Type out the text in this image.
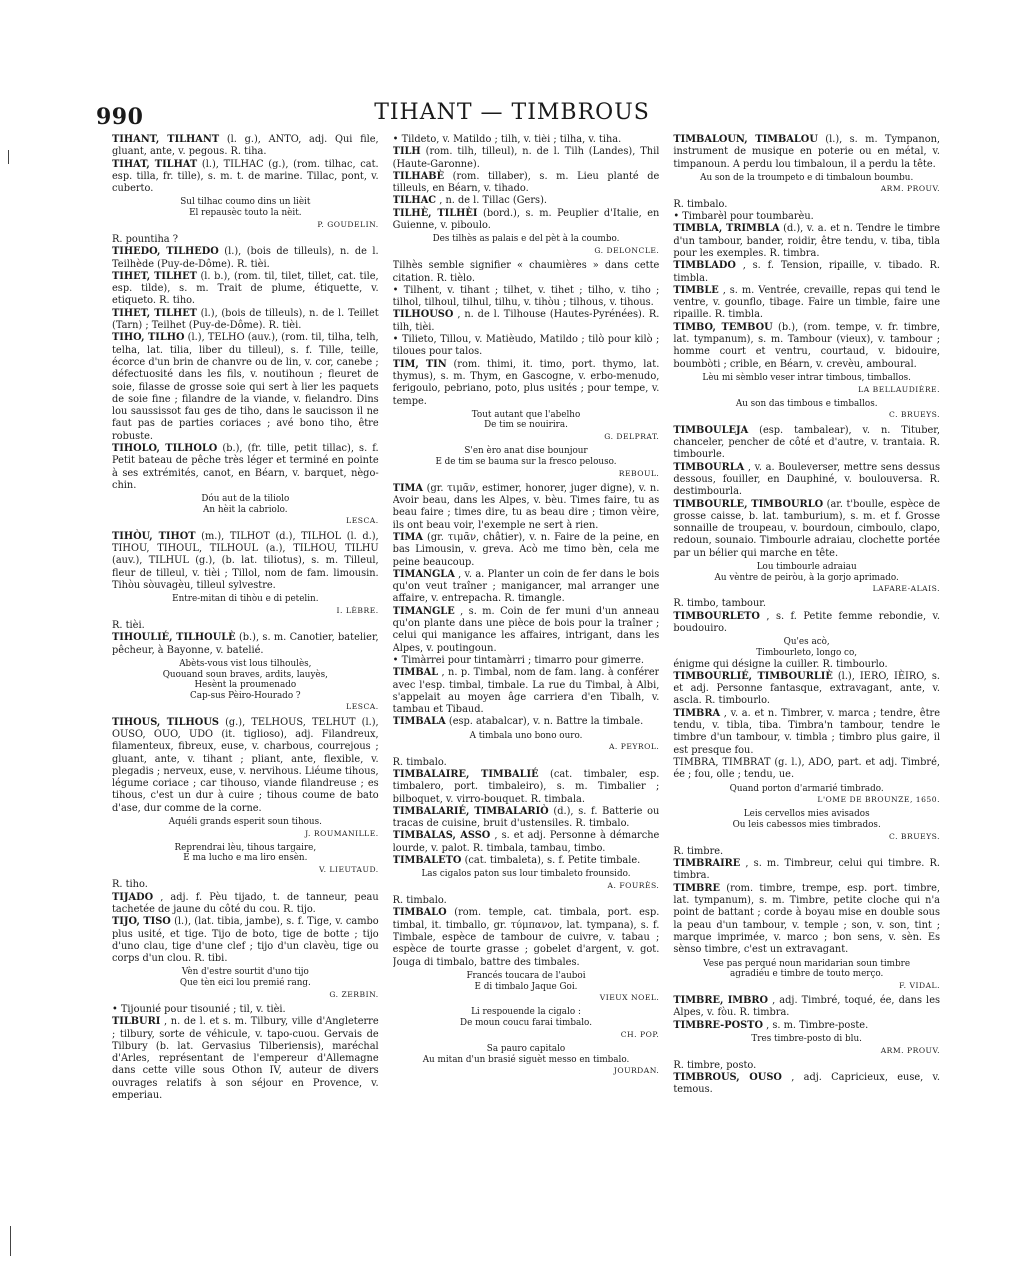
990	TIHANT — TIMBROUS

TIHANT, TILHANT (l. g.), ANTO, adj. Qui file, gluant, ante, v. pegous. R. tiha.

TIHAT, TILHAT (l.), TILHAC (g.), (rom. tilhac, cat. esp. tilla, fr. tille), s. m. t. de marine. Tillac, pont, v. cuberto.

Sul tilhac coumo dins un lièit
El repausèc touto la nèit.
P. GOUDELIN.

R. pountiha ?

TIHEDO, TILHEDO (l.), (bois de tilleuls), n. de l. Teilhède (Puy-de-Dôme). R. tièi.

TIHET, TILHET (l. b.), (rom. til, tilet, tillet, cat. tile, esp. tilde), s. m. Trait de plume, étiquette, v. etiqueto. R. tiho.

TIHET, TILHET (l.), (bois de tilleuls), n. de l. Teillet (Tarn) ; Teilhet (Puy-de-Dôme). R. tièi.

TIHO, TILHO (l.), TELHO (auv.), (rom. til, tilha, telh, telha, lat. tilia, liber du tilleul), s. f. Tille, teille, écorce d'un brin de chanvre ou de lin, v. cor, canebe ; défectuosité dans les fils, v. noutihoun ; fleuret de soie, filasse de grosse soie qui sert à lier les paquets de soie fine ; filandre de la viande, v. fielandro. Dins lou saussissot fau ges de tiho, dans le saucisson il ne faut pas de parties coriaces ; avé bono tiho, être robuste.

TIHOLO, TILHOLO (b.), (fr. tille, petit tillac), s. f. Petit bateau de pêche très léger et terminé en pointe à ses extrémités, canot, en Béarn, v. barquet, nègo-chin.

Dóu aut de la tiliolo
An hèit la cabriolo.
LESCA.

TIHÒU, TIHOT (m.), TILHOT (d.), TILHOL (l. d.), TIHOU, TIHOUL, TILHOUL (a.), TILHOU, TILHU (auv.), TILHUL (g.), (b. lat. tiliotus), s. m. Tilleul, fleur de tilleul, v. tièi ; Tillol, nom de fam. limousin. Tihòu sòuvagèu, tilleul sylvestre.

Entre-mitan di tihòu e di petelin.
I. LÈBRE.

R. tièi.

TIHOULIÉ, TILHOULÈ (b.), s. m. Canotier, batelier, pêcheur, à Bayonne, v. batelié.

Abèts-vous vist lous tilhoulès,
Quouand soun braves, ardits, lauyès,
Hesènt la proumenado
Cap-sus Pèiro-Hourado ?
LESCA.

TIHOUS, TILHOUS (g.), TELHOUS, TELHUT (l.), OUSO, OUO, UDO (it. tiglioso), adj. Filandreux, filamenteux, fibreux, euse, v. charbous, courrejous ; gluant, ante, v. tihant ; pliant, ante, flexible, v. plegadis ; nerveux, euse, v. nervihous. Liéume tihous, légume coriace ; car tihouso, viande filandreuse ; es tihous, c'est un dur à cuire ; tihous coume de bato d'ase, dur comme de la corne.

Aquéli grands esperit soun tihous.
J. ROUMANILLE.
Reprendrai lèu, tihous targaire,
E ma lucho e ma liro ensèn.
V. LIEUTAUD.

R. tiho.

TIJADO , adj. f. Pèu tijado, t. de tanneur, peau tachetée de jaune du côté du cou. R. tijo.

TIJO, TISO (l.), (lat. tibia, jambe), s. f. Tige, v. cambo plus usité, et tige. Tijo de boto, tige de botte ; tijo d'uno clau, tige d'une clef ; tijo d'un clavèu, tige ou corps d'un clou. R. tibi.

Vèn d'estre sourtit d'uno tijo
Que tèn eici lou premié rang.
G. ZERBIN.

• Tijounié pour tisounié ; til, v. tièi.

TILBURI , n. de l. et s. m. Tilbury, ville d'Angleterre ; tilbury, sorte de véhicule, v. tapo-cuou. Gervais de Tilbury (b. lat. Gervasius Tilberiensis), maréchal d'Arles, représentant de l'empereur d'Allemagne dans cette ville sous Othon IV, auteur de divers ouvrages relatifs à son séjour en Provence, v. emperiau.

• Tildeto, v. Matildo ; tilh, v. tièi ; tilha, v. tiha.

TILH (rom. tilh, tilleul), n. de l. Tilh (Landes), Thil (Haute-Garonne).

TILHABÈ (rom. tillaber), s. m. Lieu planté de tilleuls, en Béarn, v. tihado.

TILHAC , n. de l. Tillac (Gers).

TILHÈ, TILHÈI (bord.), s. m. Peuplier d'Italie, en Guienne, v. piboulo.

Des tilhès as palais e del pèt à la coumbo.
G. DELONCLE.

Tilhès semble signifier « chaumières » dans cette citation. R. tièlo.

• Tilhent, v. tihant ; tilhet, v. tihet ; tilho, v. tiho ; tilhol, tilhoul, tilhul, tilhu, v. tihòu ; tilhous, v. tihous.

TILHOUSO , n. de l. Tilhouse (Hautes-Pyrénées). R. tilh, tièi.

• Tilieto, Tillou, v. Matièudo, Matildo ; tilò pour kilò ; tiloues pour talos.

TIM, TIN (rom. thimi, it. timo, port. thymo, lat. thymus), s. m. Thym, en Gascogne, v. erbo-menudo, ferigoulo, pebriano, poto, plus usités ; pour tempe, v. tempe.

Tout autant que l'abelho
De tim se nouirira.
G. DELPRAT.
S'en èro anat dise bounjour
E de tim se bauma sur la fresco pelouso.
REBOUL.

TIMA (gr. τιμᾶν, estimer, honorer, juger digne), v. n. Avoir beau, dans les Alpes, v. bèu. Times faire, tu as beau faire ; times dire, tu as beau dire ; timon vèire, ils ont beau voir, l'exemple ne sert à rien.

TIMA (gr. τιμᾶν, châtier), v. n. Faire de la peine, en bas Limousin, v. greva. Acò me timo bèn, cela me peine beaucoup.

TIMANGLA , v. a. Planter un coin de fer dans le bois qu'on veut traîner ; manigancer, mal arranger une affaire, v. entrepacha. R. timangle.

TIMANGLE , s. m. Coin de fer muni d'un anneau qu'on plante dans une pièce de bois pour la traîner ; celui qui manigance les affaires, intrigant, dans les Alpes, v. poutingoun.

• Timàrrei pour tintamàrri ; timarro pour gimerre.

TIMBAL , n. p. Timbal, nom de fam. lang. à conférer avec l'esp. timbal, timbale. La rue du Timbal, à Albi, s'appelait au moyen âge carriera d'en Tibalh, v. tambau et Tibaud.

TIMBALA (esp. atabalcar), v. n. Battre la timbale.

A timbala uno bono ouro.
A. PEYROL.

R. timbalo.

TIMBALAIRE, TIMBALIÉ (cat. timbaler, esp. timbalero, port. timbaleiro), s. m. Timbalier ; bilboquet, v. virro-bouquet. R. timbala.

TIMBALARIÉ, TIMBALARIÒ (d.), s. f. Batterie ou tracas de cuisine, bruit d'ustensiles. R. timbalo.

TIMBALAS, ASSO , s. et adj. Personne à démarche lourde, v. palot. R. timbala, tambau, timbo.

TIMBALETO (cat. timbaleta), s. f. Petite timbale.

Las cigalos paton sus lour timbaleto frounsido.
A. FOURÈS.

R. timbalo.

TIMBALO (rom. temple, cat. timbala, port. esp. timbal, it. timballo, gr. τύμπανον, lat. tympana), s. f. Timbale, espèce de tambour de cuivre, v. tabau ; espèce de tourte grasse ; gobelet d'argent, v. got. Jouga di timbalo, battre des timbales.

Francés toucara de l'auboi
E di timbalo Jaque Goi.
VIEUX NOEL.
Li respouende la cigalo :
De moun coucu farai timbalo.
CH. POP.
Sa pauro capitalo
Au mitan d'un brasié siguèt messo en timbalo.
JOURDAN.

TIMBALOUN, TIMBALOU (l.), s. m. Tympanon, instrument de musique en poterie ou en métal, v. timpanoun. A perdu lou timbaloun, il a perdu la tête.

Au son de la troumpeto e di timbaloun boumbu.
ARM. PROUV.

R. timbalo.

• Timbarèl pour toumbarèu.

TIMBLA, TRIMBLA (d.), v. a. et n. Tendre le timbre d'un tambour, bander, roidir, être tendu, v. tiba, tibla pour les exemples. R. timbra.

TIMBLADO , s. f. Tension, ripaille, v. tibado. R. timbla.

TIMBLE , s. m. Ventrée, crevaille, repas qui tend le ventre, v. gounflo, tibage. Faire un timble, faire une ripaille. R. timbla.

TIMBO, TEMBOU (b.), (rom. tempe, v. fr. timbre, lat. tympanum), s. m. Tambour (vieux), v. tambour ; homme court et ventru, courtaud, v. bidouire, boumbòti ; crible, en Béarn, v. crevèu, amboural.

Lèu mi sèmblo veser intrar timbous, timballos.
LA BELLAUDIÈRE.
Au son das timbous e timballos.
C. BRUEYS.

TIMBOULEJA (esp. tambalear), v. n. Tituber, chanceler, pencher de côté et d'autre, v. trantaia. R. timbourle.

TIMBOURLA , v. a. Bouleverser, mettre sens dessus dessous, fouiller, en Dauphiné, v. boulouversa. R. destimbourla.

TIMBOURLE, TIMBOURLO (ar. t'boulle, espèce de grosse caisse, b. lat. tamburium), s. m. et f. Grosse sonnaille de troupeau, v. bourdoun, cimboulo, clapo, redoun, sounaio. Timbourle adraiau, clochette portée par un bélier qui marche en tête.

Lou timbourle adraiau
Au vèntre de peiròu, à la gorjo aprimado.
LAFARE-ALAIS.

R. timbo, tambour.

TIMBOURLETO , s. f. Petite femme rebondie, v. boudouiro.

Qu'es acò,
Timbourleto, longo co,

énigme qui désigne la cuiller. R. timbourlo.

TIMBOURLIÉ, TIMBOURLIÈ (l.), IERO, IÈIRO, s. et adj. Personne fantasque, extravagant, ante, v. ascla. R. timbourlo.

TIMBRA , v. a. et n. Timbrer, v. marca ; tendre, être tendu, v. tibla, tiba. Timbra'n tambour, tendre le timbre d'un tambour, v. timbla ; timbro plus gaire, il est presque fou.

TIMBRA, TIMBRAT (g. l.), ADO, part. et adj. Timbré, ée ; fou, olle ; tendu, ue.

Quand porton d'armarié timbrado.
L'OME DE BROUNZE, 1650.
Leis cervellos mies avisados
Ou leis cabessos mies timbrados.
C. BRUEYS.

R. timbre.

TIMBRAIRE , s. m. Timbreur, celui qui timbre. R. timbra.

TIMBRE (rom. timbre, trempe, esp. port. timbre, lat. tympanum), s. m. Timbre, petite cloche qui n'a point de battant ; corde à boyau mise en double sous la peau d'un tambour, v. temple ; son, v. son, tint ; marque imprimée, v. marco ; bon sens, v. sèn. Es sènso timbre, c'est un extravagant.

Vese pas perqué noun maridarian soun timbre
agradiéu e timbre de touto merço.
F. VIDAL.

TIMBRE, IMBRO , adj. Timbré, toqué, ée, dans les Alpes, v. fòu. R. timbra.

TIMBRE-POSTO , s. m. Timbre-poste.

Tres timbre-posto di blu.
ARM. PROUV.

R. timbre, posto.

TIMBROUS, OUSO , adj. Capricieux, euse, v. temous.
